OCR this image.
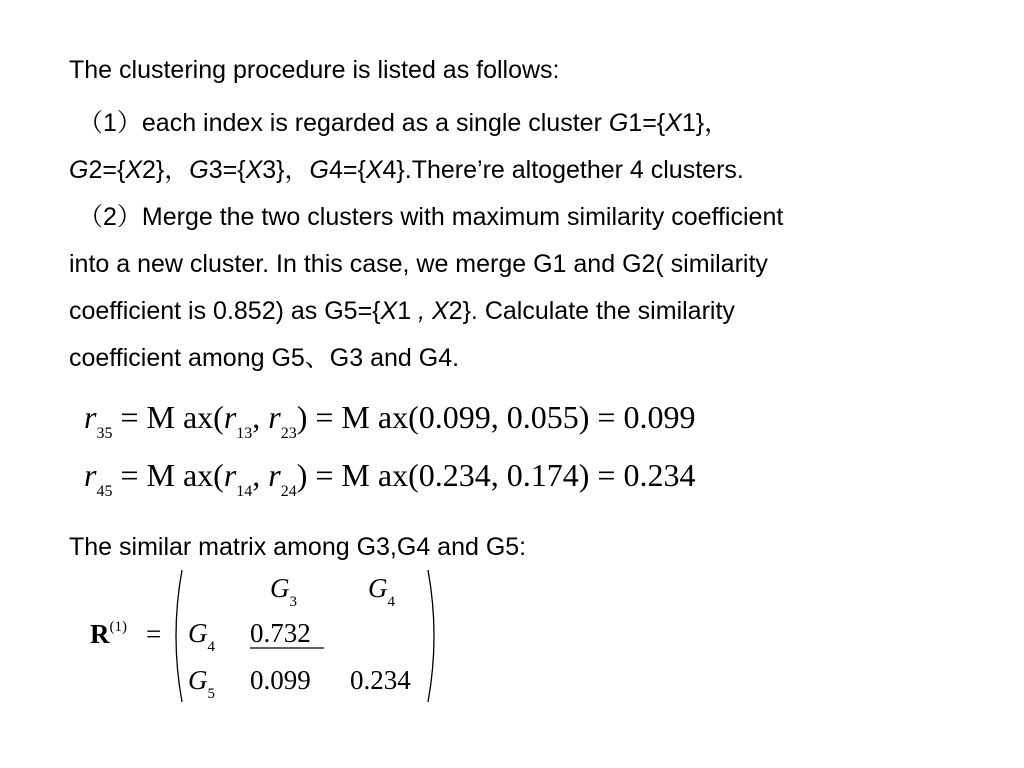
The clustering procedure is listed as follows:
（1）each index is regarded as a single cluster G1={X1}，
G2={X2}，G3={X3}，G4={X4}.There’re altogether 4 clusters.
（2）Merge the two clusters with maximum similarity coefficient
into a new cluster. In this case, we merge G1 and G2( similarity
coefficient is 0.852) as G5={X1 , X2}. Calculate the similarity
coefficient among G5、G3 and G4.
$r_{35} = M$ $ax(r_{13}$, $r_{23}) = M$ ax(0.099, 0.055) = 0.099
$r_{45} = M$ $ax(r_{14}$, $r_{24}) = M$ ax(0.234, 0.174) = 0.234
The similar matrix among G3,G4 and G5:
$R^{(1)}$ =
$G_3$	$G_4$
$G_4$ 0.732
$G_5$ 0.099 0.234
